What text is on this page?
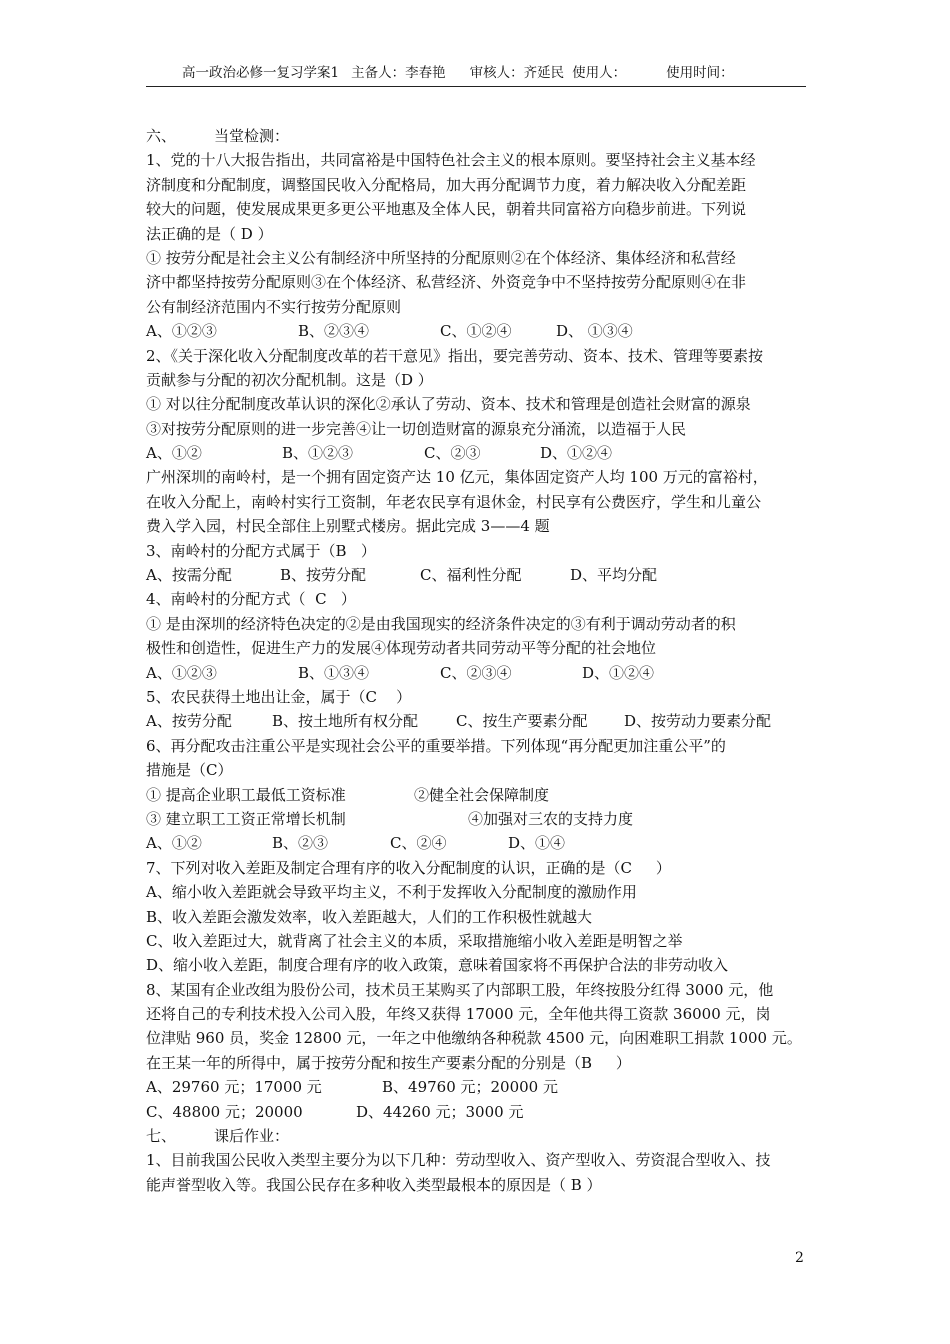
高一政治必修一复习学案1 主备人：李春艳 审核人：齐延民 使用人：	使用时间：
六、	当堂检测：
1、党的十八大报告指出，共同富裕是中国特色社会主义的根本原则。要坚持社会主义基本经
济制度和分配制度，调整国民收入分配格局，加大再分配调节力度，着力解决收入分配差距
较大的问题，使发展成果更多更公平地惠及全体人民，朝着共同富裕方向稳步前进。下列说
法正确的是（ D ）
① 按劳分配是社会主义公有制经济中所坚持的分配原则②在个体经济、集体经济和私营经
济中都坚持按劳分配原则③在个体经济、私营经济、外资竞争中不坚持按劳分配原则④在非
公有制经济范围内不实行按劳分配原则
A、①②③	B、②③④	C、①②④	D、 ①③④
2、《关于深化收入分配制度改革的若干意见》指出，要完善劳动、资本、技术、管理等要素按
贡献参与分配的初次分配机制。这是（D ）
① 对以往分配制度改革认识的深化②承认了劳动、资本、技术和管理是创造社会财富的源泉
③对按劳分配原则的进一步完善④让一切创造财富的源泉充分涌流，以造福于人民
A、①②	B、①②③	C、②③	D、①②④
广州深圳的南岭村，是一个拥有固定资产达 10 亿元，集体固定资产人均 100 万元的富裕村，
在收入分配上，南岭村实行工资制，年老农民享有退休金，村民享有公费医疗，学生和儿童公
费入学入园，村民全部住上别墅式楼房。据此完成 3——4 题
3、南岭村的分配方式属于（B   ）
A、按需分配	B、按劳分配	C、福利性分配	D、平均分配
4、南岭村的分配方式（  C   ）
① 是由深圳的经济特色决定的②是由我国现实的经济条件决定的③有利于调动劳动者的积
极性和创造性，促进生产力的发展④体现劳动者共同劳动平等分配的社会地位
A、①②③	B、①③④	C、②③④	D、①②④
5、农民获得土地出让金，属于（C    ）
A、按劳分配	B、按土地所有权分配	C、按生产要素分配	D、按劳动力要素分配
6、再分配攻击注重公平是实现社会公平的重要举措。下列体现“再分配更加注重公平”的
措施是（C）
① 提高企业职工最低工资标准	②健全社会保障制度
③ 建立职工工资正常增长机制	④加强对三农的支持力度
A、①②	B、②③	C、②④	D、①④
7、下列对收入差距及制定合理有序的收入分配制度的认识，正确的是（C     ）
A、缩小收入差距就会导致平均主义，不利于发挥收入分配制度的激励作用
B、收入差距会激发效率，收入差距越大，人们的工作积极性就越大
C、收入差距过大，就背离了社会主义的本质，采取措施缩小收入差距是明智之举
D、缩小收入差距，制度合理有序的收入政策，意味着国家将不再保护合法的非劳动收入
8、某国有企业改组为股份公司，技术员王某购买了内部职工股，年终按股分红得 3000 元，他
还将自己的专利技术投入公司入股，年终又获得 17000 元，全年他共得工资款 36000 元，岗
位津贴 960 员，奖金 12800 元，一年之中他缴纳各种税款 4500 元，向困难职工捐款 1000 元。
在王某一年的所得中，属于按劳分配和按生产要素分配的分别是（B     ）
A、29760 元；17000 元	B、49760 元；20000 元
C、48800 元；20000	D、44260 元；3000 元
七、	课后作业：
1、目前我国公民收入类型主要分为以下几种：劳动型收入、资产型收入、劳资混合型收入、技
能声誉型收入等。我国公民存在多种收入类型最根本的原因是（ B ）
2
